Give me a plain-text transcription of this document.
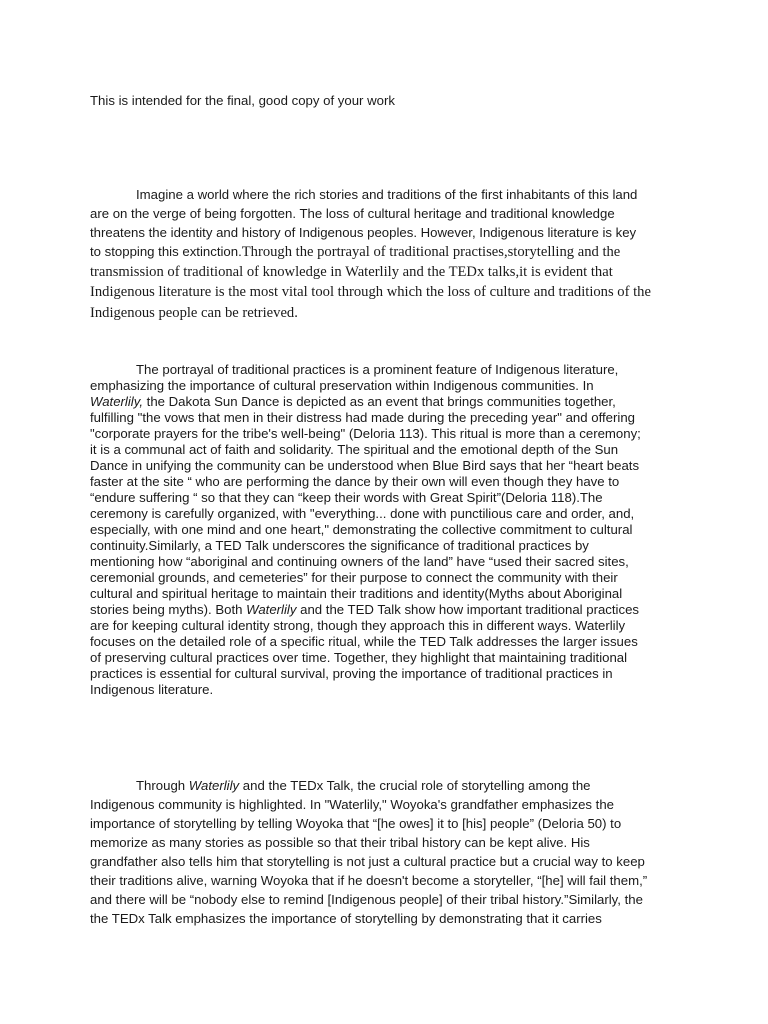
This is intended for the final, good copy of your work
Imagine a world where the rich stories and traditions of the first inhabitants of this land
are on the verge of being forgotten. The loss of cultural heritage and traditional knowledge
threatens the identity and history of Indigenous peoples. However, Indigenous literature is key
to stopping this extinction.Through the portrayal of traditional practises,storytelling and the
transmission of traditional of knowledge in Waterlily and the TEDx talks,it is evident that
Indigenous literature is the most vital tool through which the loss of culture and traditions of the
Indigenous people can be retrieved.
The portrayal of traditional practices is a prominent feature of Indigenous literature,
emphasizing the importance of cultural preservation within Indigenous communities. In
Waterlily, the Dakota Sun Dance is depicted as an event that brings communities together,
fulfilling "the vows that men in their distress had made during the preceding year" and offering
"corporate prayers for the tribe's well-being" (Deloria 113). This ritual is more than a ceremony;
it is a communal act of faith and solidarity. The spiritual and the emotional depth of the Sun
Dance in unifying the community can be understood when Blue Bird says that her “heart beats
faster at the site “ who are performing the dance by their own will even though they have to
“endure suffering “ so that they can “keep their words with Great Spirit”(Deloria 118).The
ceremony is carefully organized, with "everything... done with punctilious care and order, and,
especially, with one mind and one heart," demonstrating the collective commitment to cultural
continuity.Similarly, a TED Talk underscores the significance of traditional practices by
mentioning how “aboriginal and continuing owners of the land” have “used their sacred sites,
ceremonial grounds, and cemeteries” for their purpose to connect the community with their
cultural and spiritual heritage to maintain their traditions and identity(Myths about Aboriginal
stories being myths). Both Waterlily and the TED Talk show how important traditional practices
are for keeping cultural identity strong, though they approach this in different ways. Waterlily
focuses on the detailed role of a specific ritual, while the TED Talk addresses the larger issues
of preserving cultural practices over time. Together, they highlight that maintaining traditional
practices is essential for cultural survival, proving the importance of traditional practices in
Indigenous literature.
Through Waterlily and the TEDx Talk, the crucial role of storytelling among the
Indigenous community is highlighted. In "Waterlily," Woyoka's grandfather emphasizes the
importance of storytelling by telling Woyoka that “[he owes] it to [his] people” (Deloria 50) to
memorize as many stories as possible so that their tribal history can be kept alive. His
grandfather also tells him that storytelling is not just a cultural practice but a crucial way to keep
their traditions alive, warning Woyoka that if he doesn't become a storyteller, “[he] will fail them,”
and there will be “nobody else to remind [Indigenous people] of their tribal history.”Similarly, the
the TEDx Talk emphasizes the importance of storytelling by demonstrating that it carries
